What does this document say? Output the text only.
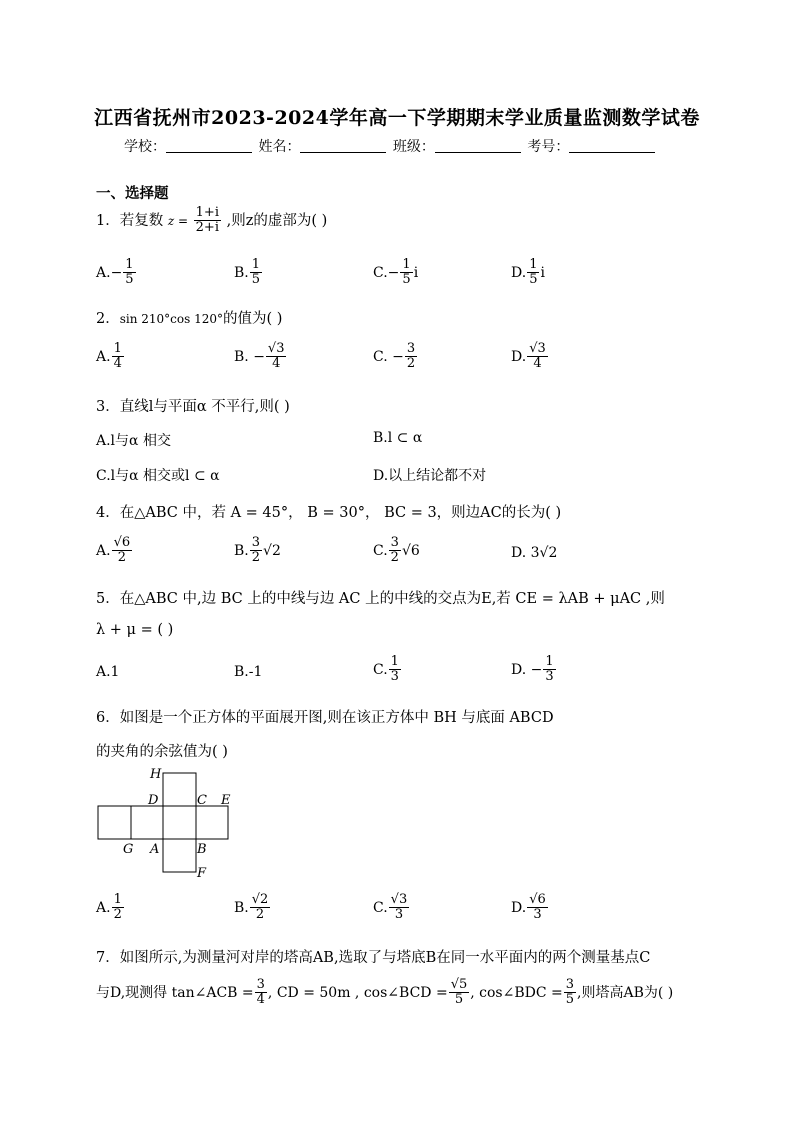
江西省抚州市2023-2024学年高一下学期期末学业质量监测数学试卷
学校：	姓名：	班级：	考号：
一、选择题
1．若复数 $z = \frac{1+i}{2+i}$ ,则z的虚部为( )
$A.- \frac{1}{5}$	B. $\frac{1}{5}$	$C.- \frac{1}{5}$ i	D. $\frac{1}{5}$ i
2．sin 210°cos 120°的值为( )
A. $\frac{1}{4}$	B. − $\frac{√3}{4}$	C. − $\frac{3}{2}$	D. $\frac{√3}{4}$
3．直线l与平面α 不平行,则( )
A.l与α 相交	B.l ⊂ α
C.l与α 相交或l ⊂ α	D.以上结论都不对
4．在△ABC 中，若 A = 45°， B = 30°， BC = 3，则边AC的长为( )
A. $\frac{√6}{2}$	B. $\frac{3}{2} √2$	C. $\frac{3}{2} √6$	D. 3√2
5．在△ABC 中,边 BC 上的中线与边 AC 上的中线的交点为E,若 CE = λAB + μAC ,则
λ + μ = ( )
A.1	B.-1	C. $\frac{1}{3}$	D. − $\frac{1}{3}$
6．如图是一个正方体的平面展开图,则在该正方体中 BH 与底面 ABCD
的夹角的余弦值为( )
H
D	C E
G A	B
F
A. $\frac{1}{2}$	B. $\frac{√2}{2}$	C. $\frac{√3}{3}$	D. $\frac{√6}{3}$
7．如图所示,为测量河对岸的塔高AB,选取了与塔底B在同一水平面内的两个测量基点C
与D,现测得 tan∠ACB = $\frac{3}{4}$ , CD = 50m , cos∠BCD = $\frac{√5}{5}$ , cos∠BDC = $\frac{3}{5}$ ,则塔高AB为( )
